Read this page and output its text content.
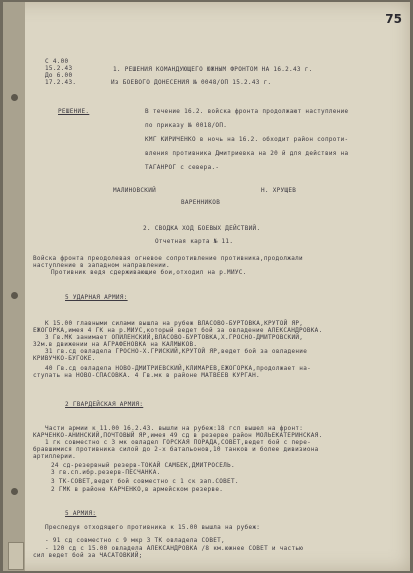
75
С 4.00
15.2.43
До 6.00
17.2.43.
1. РЕШЕНИЯ КОМАНДУЮЩЕГО ЮЖНЫМ ФРОНТОМ НА 16.2.43 г.
Из БОЕВОГО ДОНЕСЕНИЯ № 0048/ОП 15.2.43 г.
РЕШЕНИЕ.	В течение 16.2. войска фронта продолжают наступление
по приказу № 0018/ОП.
КМГ КИРИЧЕНКО в ночь на 16.2. обходит район сопроти-
вления противника Дмитриевка на 20 й для действия на
ТАГАНРОГ с севера.-
МАЛИНОВСКИЙ	Н. ХРУЩЕВ
ВАРЕННИКОВ
2. СВОДКА ХОД БОЕВЫХ ДЕЙСТВИЙ.
Отчетная карта № 11.
Войска фронта преодолевая огневое сопротивление противника,продолжали
наступление в западном направлении.
Противник ведя сдерживающие бои,отходил на р.МИУС.
5 УДАРНАЯ АРМИЯ:
К 15.00 главными силами вышла на рубеж ВЛАСОВО-БУРТОВКА,КРУТОЙ ЯР,
ЕЖОГОРКА,имея 4 ГК на р.МИУС,который ведет бой за овладение АЛЕКСАНДРОВКА.
3 Гв.МК занимает ОПИЛЕНСКИЙ,ВЛАСОВО-БУРТОВКА,Х.ГРОСНО-ДМИТРОВСКИЙ,
32м.в движении на АГРАФЕНОВКА на КАЛМЫКОВ.
31 гв.сд овладела ГРОСНО-Х.ГРИСКИЙ,КРУТОЙ ЯР,ведет бой за овладение
КРИВУЧКО-БУГОКЕ.
40 Гв.сд овладела НОВО-ДМИТРИЕВСКИЙ,КЛИМАРЕВ,ЕЖОГОРКА,продолжает на-
ступать на НОВО-СПАСОВКА. 4 Гв.мк в районе МАТВЕЕВ КУРГАН.
2 ГВАРДЕЙСКАЯ АРМИЯ:
Части армии к 11.00 16.2.43. вышли на рубеж:18 гсп вышел на фронт:
КАРЧЕНКО-АНИНСКИЙ,ПОЧТОВЫЙ ЯР,имея 49 сд в резерве район МОЛЬЕКАТЕРИНСКАЯ.
1 гк совместно с 3 мк овладел ГОРСКАЯ ПОРАДА,СОВЕТ,ведет бой с пере-
бравшимися противника силой до 2-х батальонов,10 танков и более дивизиона
артиллерии.
24 сд-резервный резерв-ТОКАЙ САМБЕК,ДМИТРОСЕЛЬ.
3 гв.сп.ибр.резерв-ПЕСЧАНКА.
3 ТК-СОВЕТ,ведет бой совместно с 1 ск зап.СОВЕТ.
2 ГМК в районе КАРЧЕНКО,в армейском резерве.
5 АРМИЯ:
Преследуя отходящего противника к 15.00 вышла на рубеж:
- 91 сд совместно с 9 мкр 3 ТК овладела СОВЕТ,
- 120 сд с 15.00 овладела АЛЕКСАНДРОВКА /8 км.южнее СОВЕТ и частью
сил ведет бой за ЧАСАТОВКИЙ;
